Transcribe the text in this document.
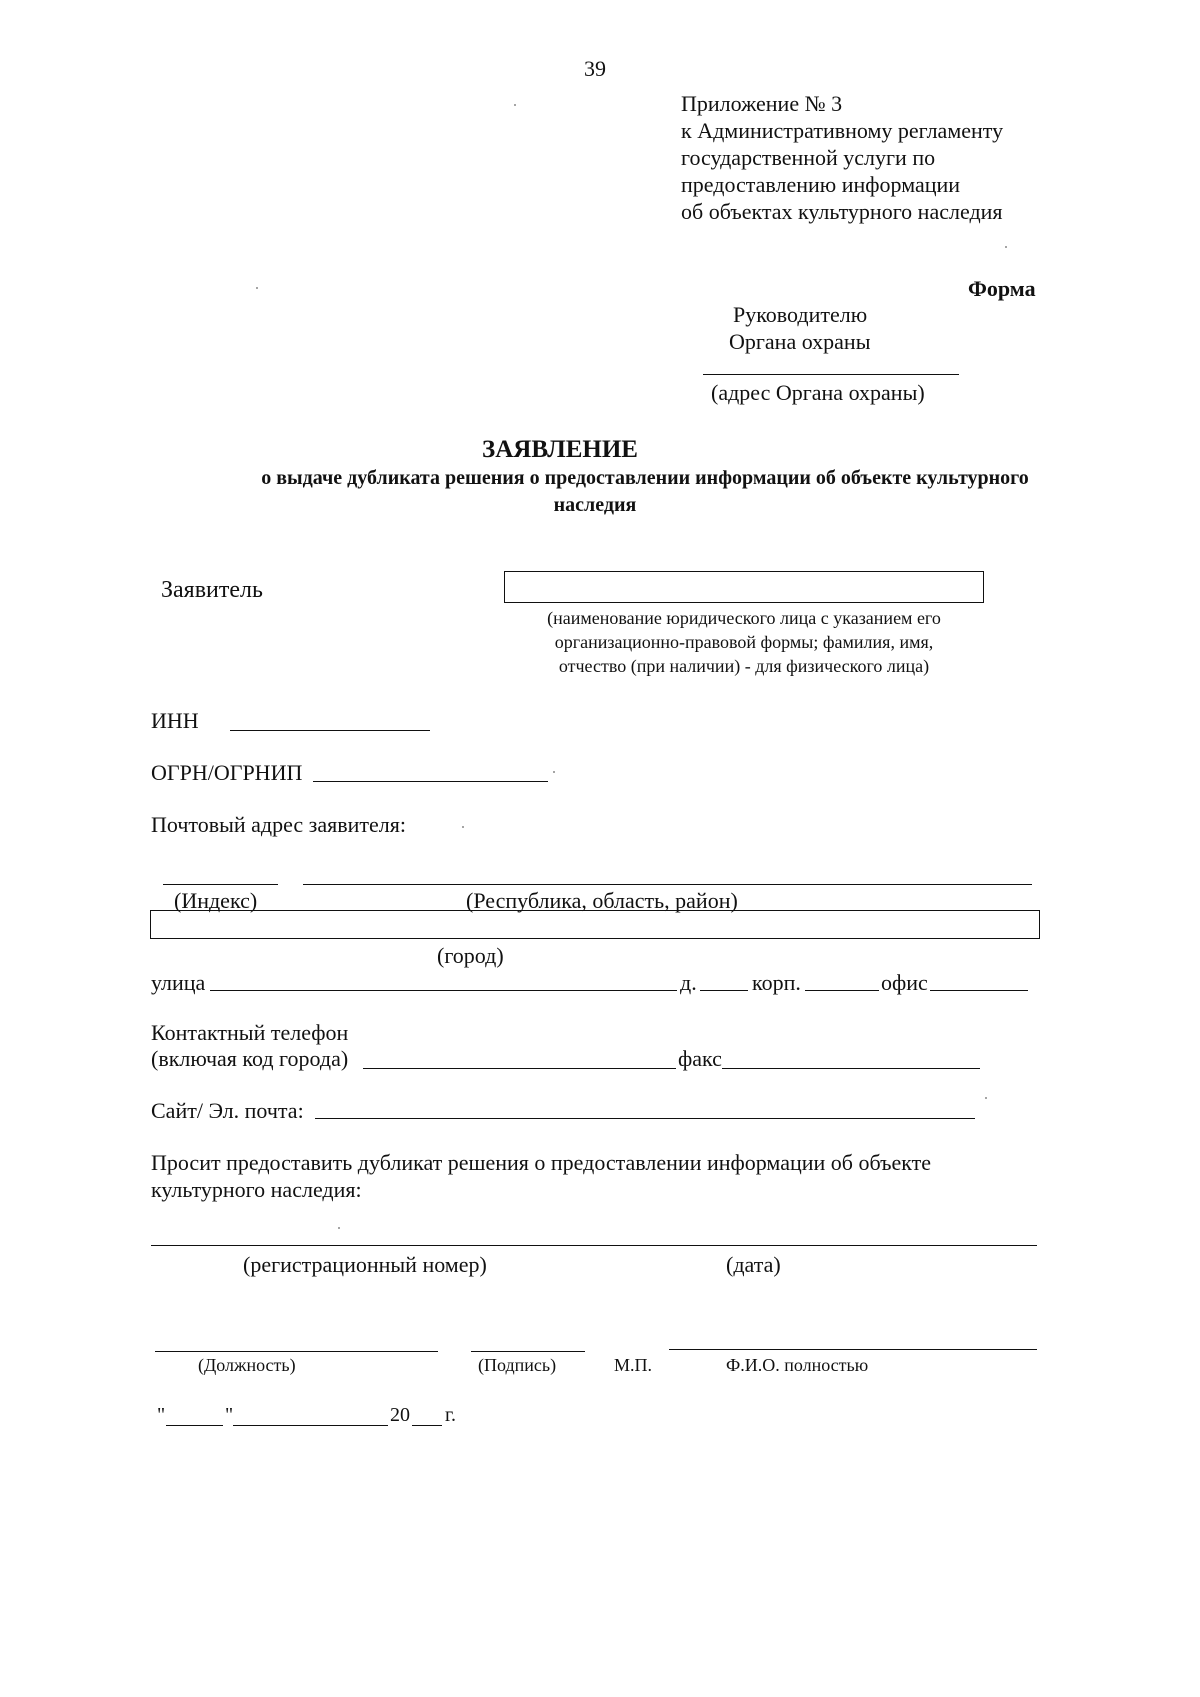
39
Приложение № 3
к Административному регламенту
государственной услуги по
предоставлению информации
об объектах культурного наследия
Форма
Руководителю
Органа охраны
(адрес Органа охраны)
ЗАЯВЛЕНИЕ
о выдаче дубликата решения о предоставлении информации об объекте культурного
наследия
Заявитель
(наименование юридического лица с указанием его
организационно-правовой формы; фамилия, имя,
отчество (при наличии) - для физического лица)
ИНН
ОГРН/ОГРНИП
Почтовый адрес заявителя:
(Индекс)	(Республика, область, район)
(город)
улица	д.	корп.	офис
Контактный телефон
(включая код города)	факс
Сайт/ Эл. почта:
Просит предоставить дубликат решения о предоставлении информации об объекте
культурного наследия:
(регистрационный номер)	(дата)
(Должность)	(Подпись)	М.П.	Ф.И.О. полностью
"	"	20 г.
